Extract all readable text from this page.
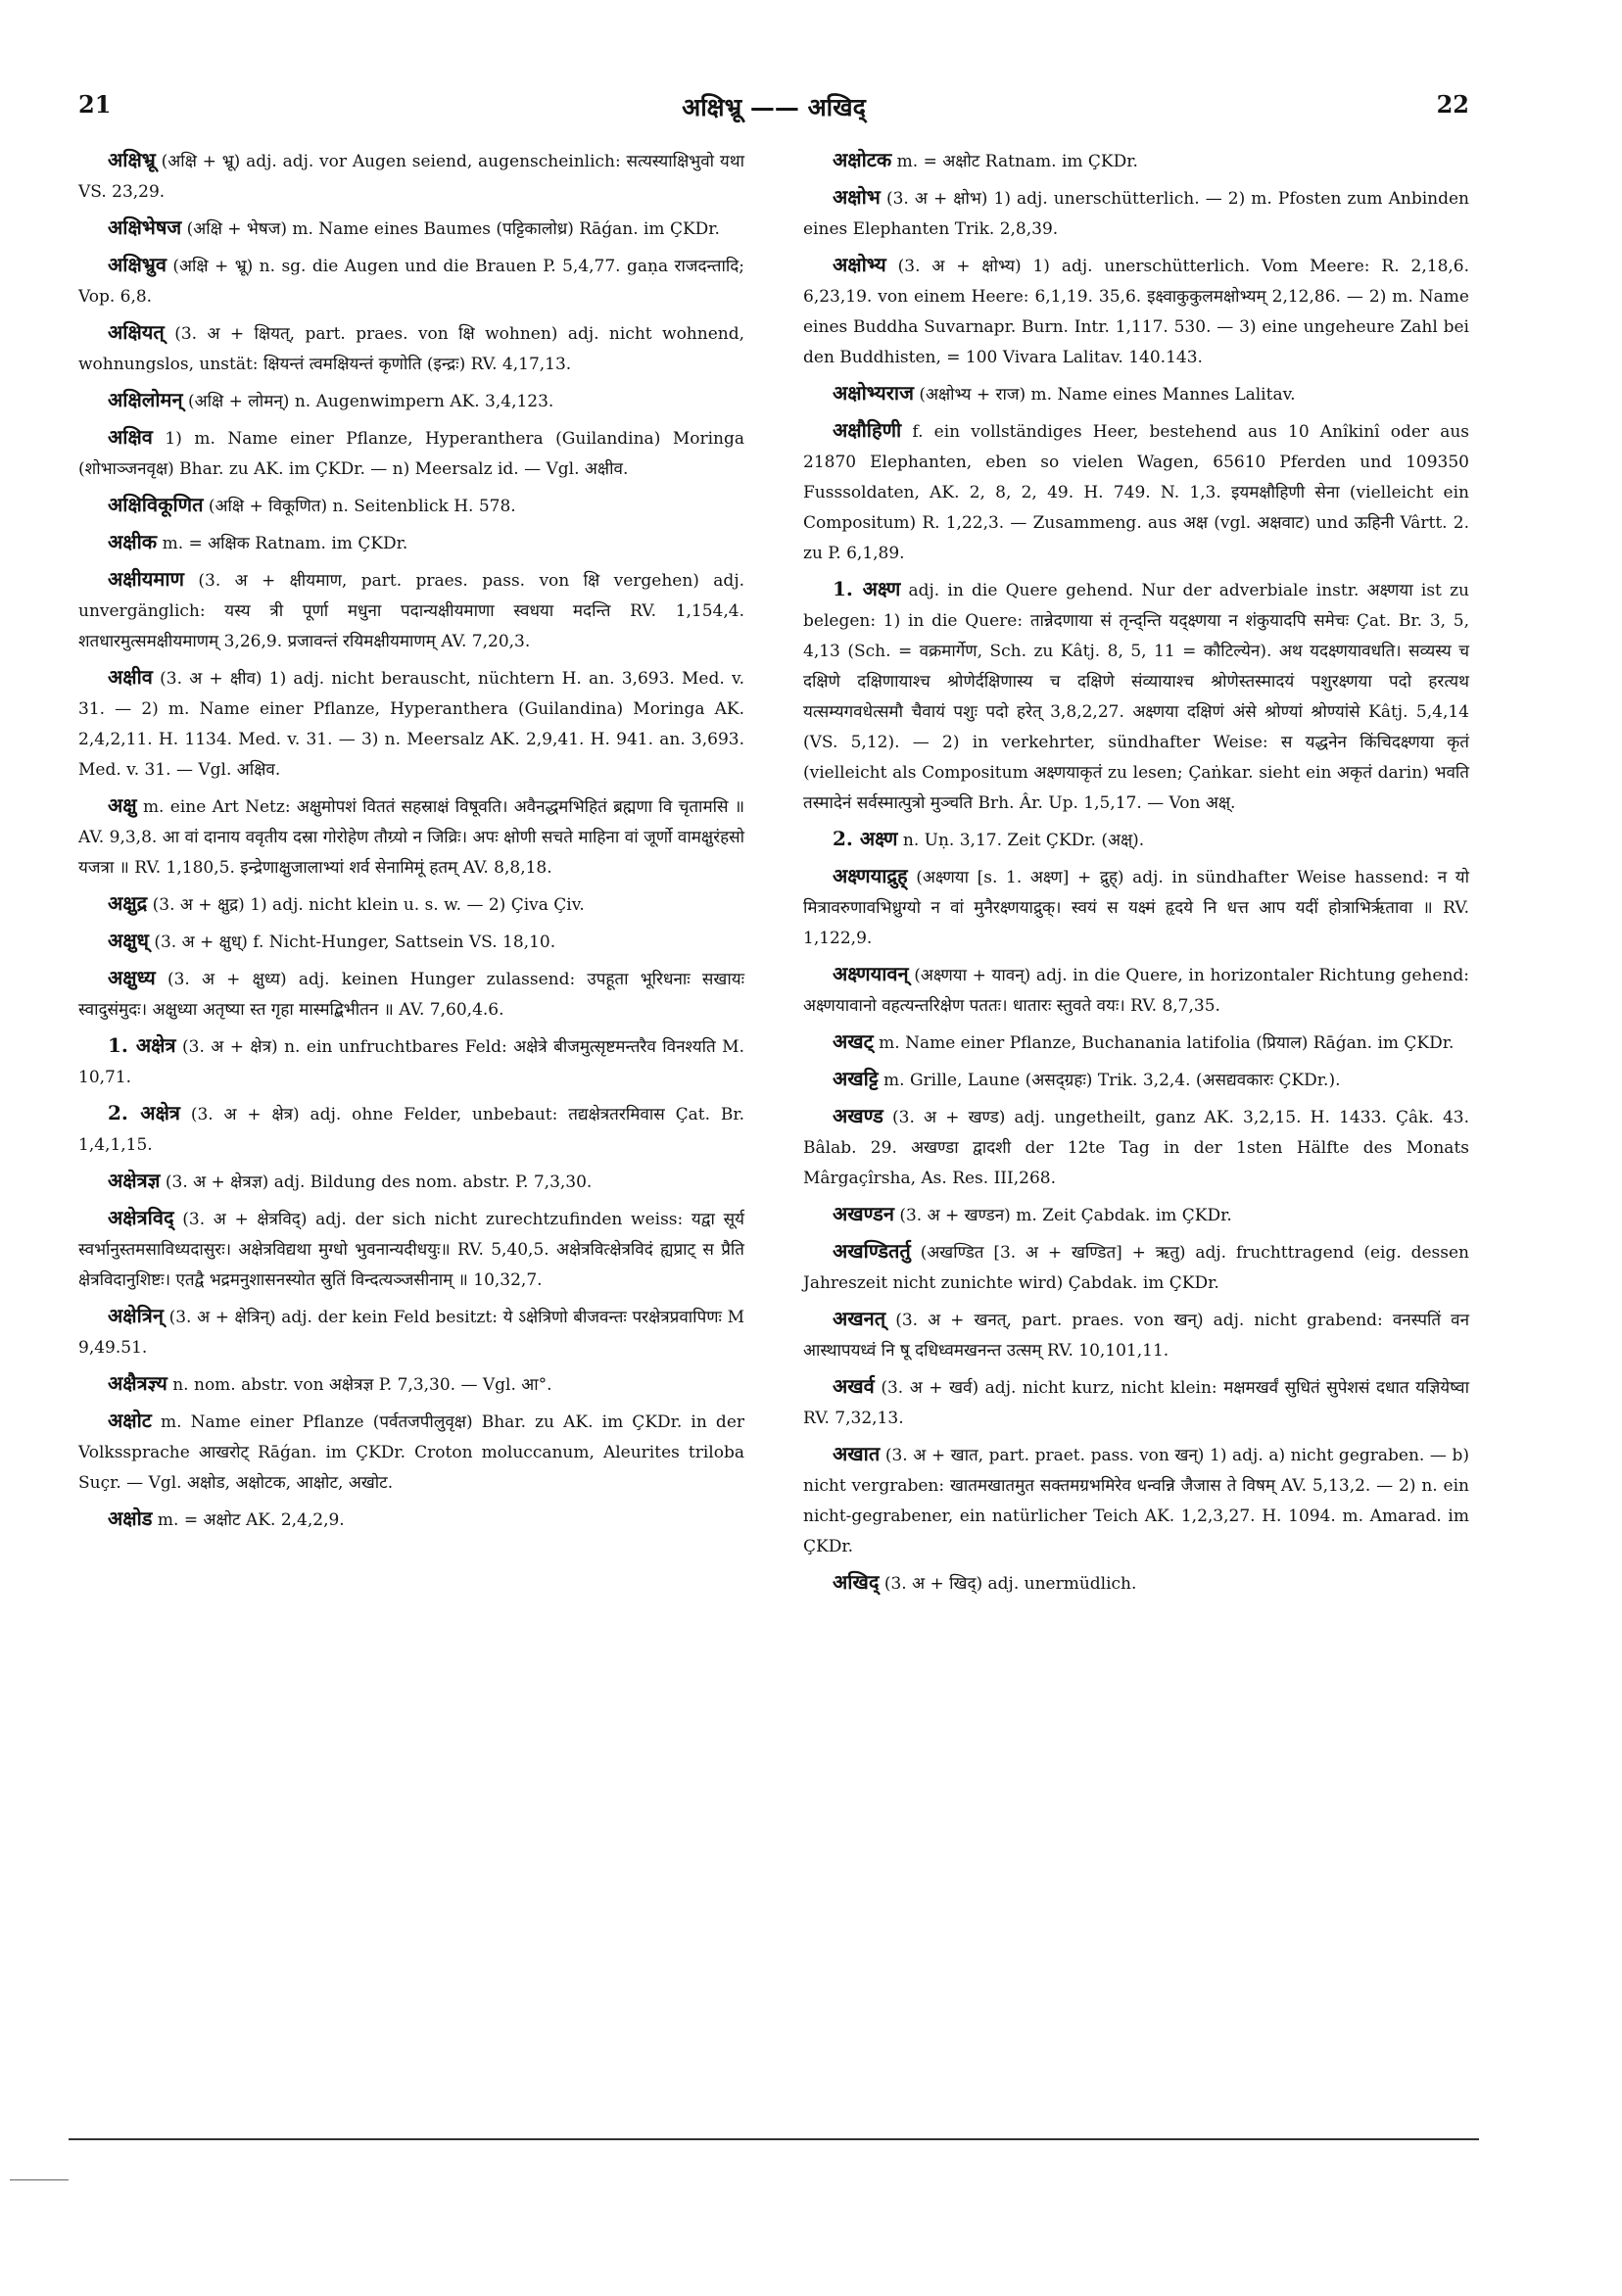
21	अक्षिभ्रू —— अखिद्	22

अक्षिभ्रू (अक्षि + भ्रू) adj. adj. vor Augen seiend, augenscheinlich: सत्यस्याक्षिभुवो यथा VS. 23,29.

अक्षिभेषज (अक्षि + भेषज) m. Name eines Baumes (पट्टिकालोध्र) Rāǵan. im ÇKDr.

अक्षिभ्रुव (अक्षि + भ्रू) n. sg. die Augen und die Brauen P. 5,4,77. gaṇa राजदन्तादि; Vop. 6,8.

अक्षियत् (3. अ + क्षियत्, part. praes. von क्षि wohnen) adj. nicht wohnend, wohnungslos, unstät: क्षियन्तं त्वमक्षियन्तं कृणोति (इन्द्रः) RV. 4,17,13.

अक्षिलोमन् (अक्षि + लोमन्) n. Augenwimpern AK. 3,4,123.

अक्षिव 1) m. Name einer Pflanze, Hyperanthera (Guilandina) Moringa (शोभाञ्जनवृक्ष) Bhar. zu AK. im ÇKDr. — n) Meersalz id. — Vgl. अक्षीव.

अक्षिविकूणित (अक्षि + विकूणित) n. Seitenblick H. 578.

अक्षीक m. = अक्षिक Ratnam. im ÇKDr.

अक्षीयमाण (3. अ + क्षीयमाण, part. praes. pass. von क्षि vergehen) adj. unvergänglich: यस्य त्री पूर्णा मधुना पदान्यक्षीयमाणा स्वधया मदन्ति RV. 1,154,4. शतधारमुत्समक्षीयमाणम् 3,26,9. प्रजावन्तं रयिमक्षीयमाणम् AV. 7,20,3.

अक्षीव (3. अ + क्षीव) 1) adj. nicht berauscht, nüchtern H. an. 3,693. Med. v. 31. — 2) m. Name einer Pflanze, Hyperanthera (Guilandina) Moringa AK. 2,4,2,11. H. 1134. Med. v. 31. — 3) n. Meersalz AK. 2,9,41. H. 941. an. 3,693. Med. v. 31. — Vgl. अक्षिव.

अक्षु m. eine Art Netz: अक्षुमोपशं विततं सहस्राक्षं विषूवति। अवैनद्धमभिहितं ब्रह्मणा वि चृतामसि ॥ AV. 9,3,8. आ वां दानाय ववृतीय दस्रा गोरोहेण तौग्र्यो न जिव्रिः। अपः क्षोणी सचते माहिना वां जूर्णो वामक्षुरंहसो यजत्रा ॥ RV. 1,180,5. इन्द्रेणाक्षुजालाभ्यां शर्व सेनामिमूं हतम् AV. 8,8,18.

अक्षुद्र (3. अ + क्षुद्र) 1) adj. nicht klein u. s. w. — 2) Çiva Çiv.

अक्षुध् (3. अ + क्षुध्) f. Nicht-Hunger, Sattsein VS. 18,10.

अक्षुध्य (3. अ + क्षुध्य) adj. keinen Hunger zulassend: उपहूता भूरिधनाः सखायः स्वादुसंमुदः। अक्षुध्या अतृष्या स्त गृहा मास्मद्बिभीतन ॥ AV. 7,60,4.6.

1. अक्षेत्र (3. अ + क्षेत्र) n. ein unfruchtbares Feld: अक्षेत्रे बीजमुत्सृष्टमन्तरैव विनश्यति M. 10,71.

2. अक्षेत्र (3. अ + क्षेत्र) adj. ohne Felder, unbebaut: तद्यक्षेत्रतरमिवास Çat. Br. 1,4,1,15.

अक्षेत्रज्ञ (3. अ + क्षेत्रज्ञ) adj. Bildung des nom. abstr. P. 7,3,30.

अक्षेत्रविद् (3. अ + क्षेत्रविद्) adj. der sich nicht zurechtzufinden weiss: यद्वा सूर्य स्वर्भानुस्तमसाविध्यदासुरः। अक्षेत्रविद्यथा मुग्धो भुवनान्यदीधयुः॥ RV. 5,40,5. अक्षेत्रवित्क्षेत्रविदं ह्यप्राट् स प्रैति क्षेत्रविदानुशिष्टः। एतद्वै भद्रमनुशासनस्योत स्रुतिं विन्दत्यञ्जसीनाम् ॥ 10,32,7.

अक्षेत्रिन् (3. अ + क्षेत्रिन्) adj. der kein Feld besitzt: ये ऽक्षेत्रिणो बीजवन्तः परक्षेत्रप्रवापिणः M 9,49.51.

अक्षैत्रज्ञ्य n. nom. abstr. von अक्षेत्रज्ञ P. 7,3,30. — Vgl. आ°.

अक्षोट m. Name einer Pflanze (पर्वतजपीलुवृक्ष) Bhar. zu AK. im ÇKDr. in der Volkssprache आखरोट् Rāǵan. im ÇKDr. Croton moluccanum, Aleurites triloba Suçr. — Vgl. अक्षोड, अक्षोटक, आक्षोट, अखोट.

अक्षोड m. = अक्षोट AK. 2,4,2,9.

अक्षोटक m. = अक्षोट Ratnam. im ÇKDr.

अक्षोभ (3. अ + क्षोभ) 1) adj. unerschütterlich. — 2) m. Pfosten zum Anbinden eines Elephanten Trik. 2,8,39.

अक्षोभ्य (3. अ + क्षोभ्य) 1) adj. unerschütterlich. Vom Meere: R. 2,18,6. 6,23,19. von einem Heere: 6,1,19. 35,6. इक्ष्वाकुकुलमक्षोभ्यम् 2,12,86. — 2) m. Name eines Buddha Suvarnapr. Burn. Intr. 1,117. 530. — 3) eine ungeheure Zahl bei den Buddhisten, = 100 Vivara Lalitav. 140.143.

अक्षोभ्यराज (अक्षोभ्य + राज) m. Name eines Mannes Lalitav.

अक्षौहिणी f. ein vollständiges Heer, bestehend aus 10 Anîkinî oder aus 21870 Elephanten, eben so vielen Wagen, 65610 Pferden und 109350 Fusssoldaten, AK. 2, 8, 2, 49. H. 749. N. 1,3. इयमक्षौहिणी सेना (vielleicht ein Compositum) R. 1,22,3. — Zusammeng. aus अक्ष (vgl. अक्षवाट) und ऊहिनी Vârtt. 2. zu P. 6,1,89.

1. अक्ष्ण adj. in die Quere gehend. Nur der adverbiale instr. अक्ष्णया ist zu belegen: 1) in die Quere: तान्नेदणाया सं तृन्द्न्ति यद्क्ष्णया न शंकुयादपि समेचः Çat. Br. 3, 5, 4,13 (Sch. = वक्रमार्गेण, Sch. zu Kâtj. 8, 5, 11 = कौटिल्येन). अथ यदक्ष्णयावधति। सव्यस्य च दक्षिणे दक्षिणायाश्च श्रोणेर्दक्षिणास्य च दक्षिणे संव्यायाश्च श्रोणेस्तस्मादयं पशुरक्ष्णया पदो हरत्यथ यत्सम्यगवधेत्समौ चैवायं पशुः पदो हरेत् 3,8,2,27. अक्ष्णया दक्षिणं अंसे श्रोण्यां श्रोण्यांसे Kâtj. 5,4,14 (VS. 5,12). — 2) in verkehrter, sündhafter Weise: स यद्धनेन किंचिदक्ष्णया कृतं (vielleicht als Compositum अक्ष्णयाकृतं zu lesen; Çaṅkar. sieht ein अकृतं darin) भवति तस्मादेनं सर्वस्मात्पुत्रो मुञ्चति Brh. Âr. Up. 1,5,17. — Von अक्ष्.

2. अक्ष्ण n. Uṇ. 3,17. Zeit ÇKDr. (अक्ष्).

अक्ष्णयाद्रुह् (अक्ष्णया [s. 1. अक्ष्ण] + द्रुह्) adj. in sündhafter Weise hassend: न यो मित्रावरुणावभिध्रुग्यो न वां मुनैरक्ष्णयाद्रुक्। स्वयं स यक्ष्मं हृदये नि धत्त आप यदीं होत्राभिर्ऋतावा ॥ RV. 1,122,9.

अक्ष्णयावन् (अक्ष्णया + यावन्) adj. in die Quere, in horizontaler Richtung gehend: अक्ष्णयावानो वहत्यन्तरिक्षेण पततः। धातारः स्तुवते वयः। RV. 8,7,35.

अखट् m. Name einer Pflanze, Buchanania latifolia (प्रियाल) Rāǵan. im ÇKDr.

अखट्टि m. Grille, Laune (असद्ग्रहः) Trik. 3,2,4. (असद्यवकारः ÇKDr.).

अखण्ड (3. अ + खण्ड) adj. ungetheilt, ganz AK. 3,2,15. H. 1433. Çâk. 43. Bâlab. 29. अखण्डा द्वादशी der 12te Tag in der 1sten Hälfte des Monats Mârgaçîrsha, As. Res. III,268.

अखण्डन (3. अ + खण्डन) m. Zeit Çabdak. im ÇKDr.

अखण्डितर्तु (अखण्डित [3. अ + खण्डित] + ऋतु) adj. fruchttragend (eig. dessen Jahreszeit nicht zunichte wird) Çabdak. im ÇKDr.

अखनत् (3. अ + खनत्, part. praes. von खन्) adj. nicht grabend: वनस्पतिं वन आस्थापयध्वं नि षू दधिध्वमखनन्त उत्सम् RV. 10,101,11.

अखर्व (3. अ + खर्व) adj. nicht kurz, nicht klein: मक्षमखर्वं सुधितं सुपेशसं दधात यज्ञियेष्वा RV. 7,32,13.

अखात (3. अ + खात, part. praet. pass. von खन्) 1) adj. a) nicht gegraben. — b) nicht vergraben: खातमखातमुत सक्तमग्रभमिरेव धन्वन्नि जैजास ते विषम् AV. 5,13,2. — 2) n. ein nicht-gegrabener, ein natürlicher Teich AK. 1,2,3,27. H. 1094. m. Amarad. im ÇKDr.

अखिद् (3. अ + खिद्) adj. unermüdlich.
